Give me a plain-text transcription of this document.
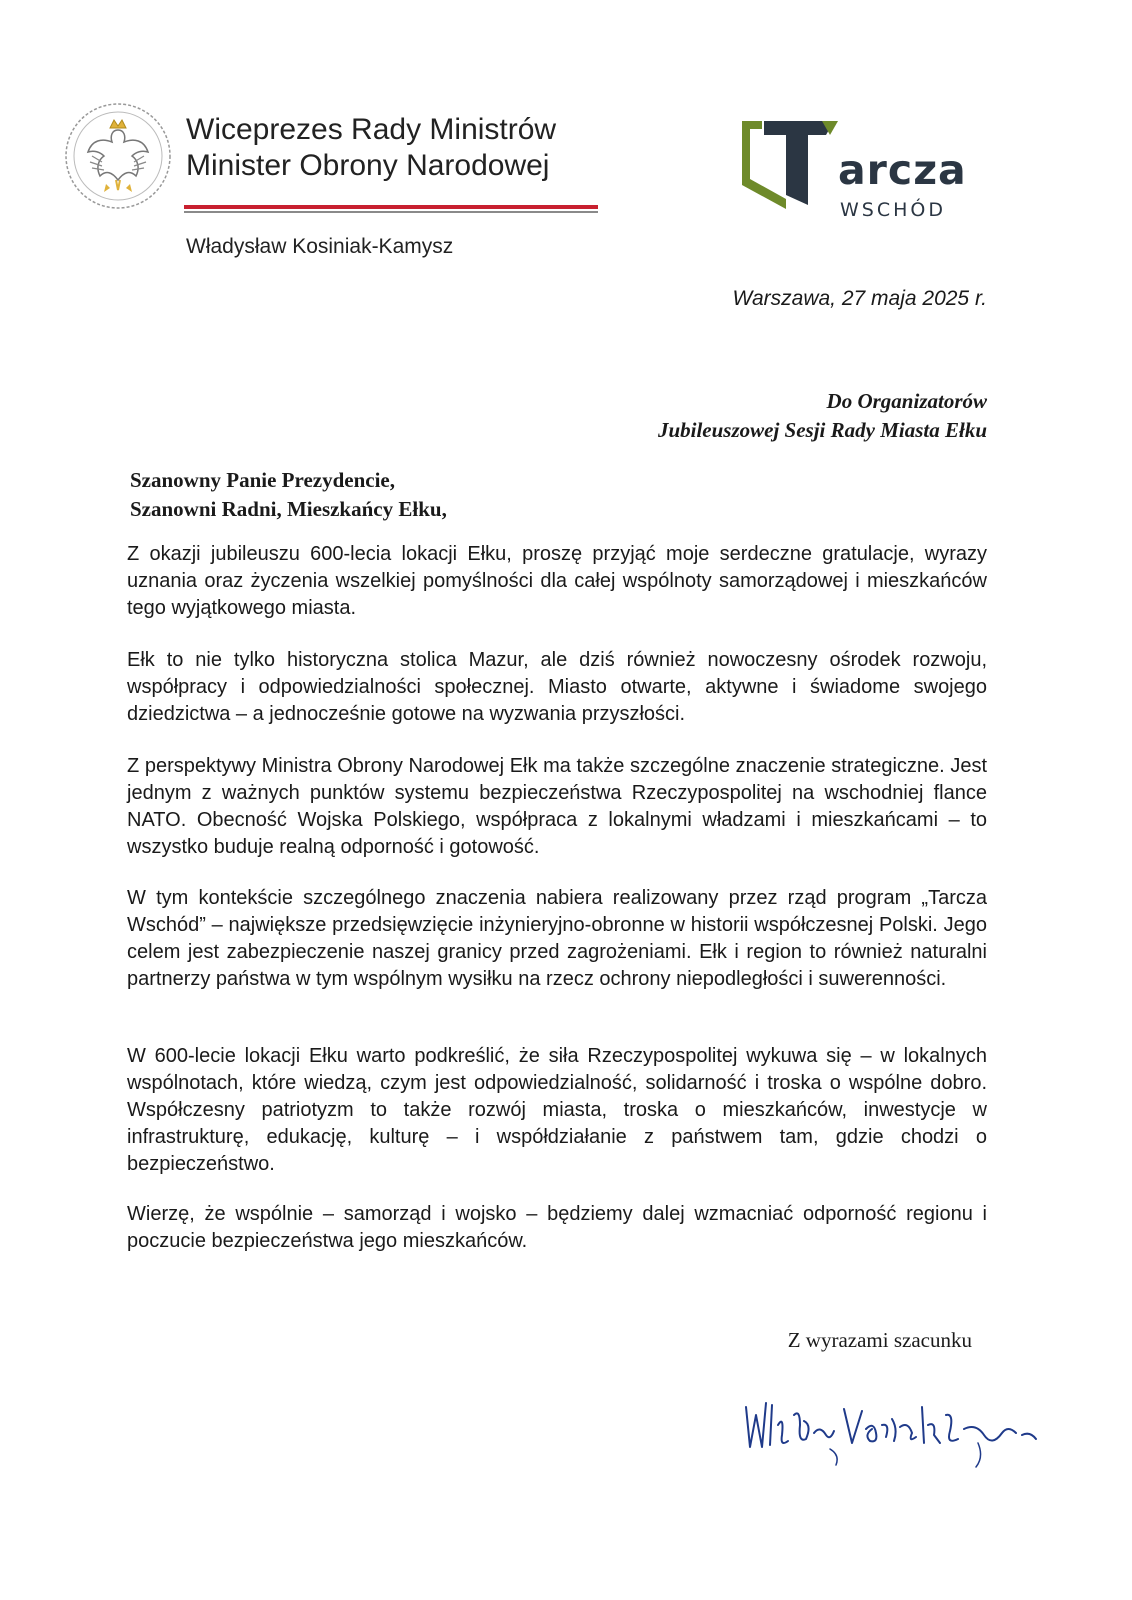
Wiceprezes Rady Ministrów
Minister Obrony Narodowej
Władysław Kosiniak-Kamysz
arcza
WSCHÓD
Warszawa, 27 maja 2025 r.
Do Organizatorów
Jubileuszowej Sesji Rady Miasta Ełku
Szanowny Panie Prezydencie,
Szanowni Radni, Mieszkańcy Ełku,
Z okazji jubileuszu 600-lecia lokacji Ełku, proszę przyjąć moje serdeczne gratulacje, wyrazy uznania oraz życzenia wszelkiej pomyślności dla całej wspólnoty samorządowej i mieszkańców tego wyjątkowego miasta.
Ełk to nie tylko historyczna stolica Mazur, ale dziś również nowoczesny ośrodek rozwoju, współpracy i odpowiedzialności społecznej. Miasto otwarte, aktywne i świadome swojego dziedzictwa – a jednocześnie gotowe na wyzwania przyszłości.
Z perspektywy Ministra Obrony Narodowej Ełk ma także szczególne znaczenie strategiczne. Jest jednym z ważnych punktów systemu bezpieczeństwa Rzeczypospolitej na wschodniej flance NATO. Obecność Wojska Polskiego, współpraca z lokalnymi władzami i mieszkańcami – to wszystko buduje realną odporność i gotowość.
W tym kontekście szczególnego znaczenia nabiera realizowany przez rząd program „Tarcza Wschód” – największe przedsięwzięcie inżynieryjno-obronne w historii współczesnej Polski. Jego celem jest zabezpieczenie naszej granicy przed zagrożeniami. Ełk i region to również naturalni partnerzy państwa w tym wspólnym wysiłku na rzecz ochrony niepodległości i suwerenności.
W 600-lecie lokacji Ełku warto podkreślić, że siła Rzeczypospolitej wykuwa się – w lokalnych wspólnotach, które wiedzą, czym jest odpowiedzialność, solidarność i troska o wspólne dobro. Współczesny patriotyzm to także rozwój miasta, troska o mieszkańców, inwestycje w infrastrukturę, edukację, kulturę – i współdziałanie z państwem tam, gdzie chodzi o bezpieczeństwo.
Wierzę, że wspólnie – samorząd i wojsko – będziemy dalej wzmacniać odporność regionu i poczucie bezpieczeństwa jego mieszkańców.
Z wyrazami szacunku
